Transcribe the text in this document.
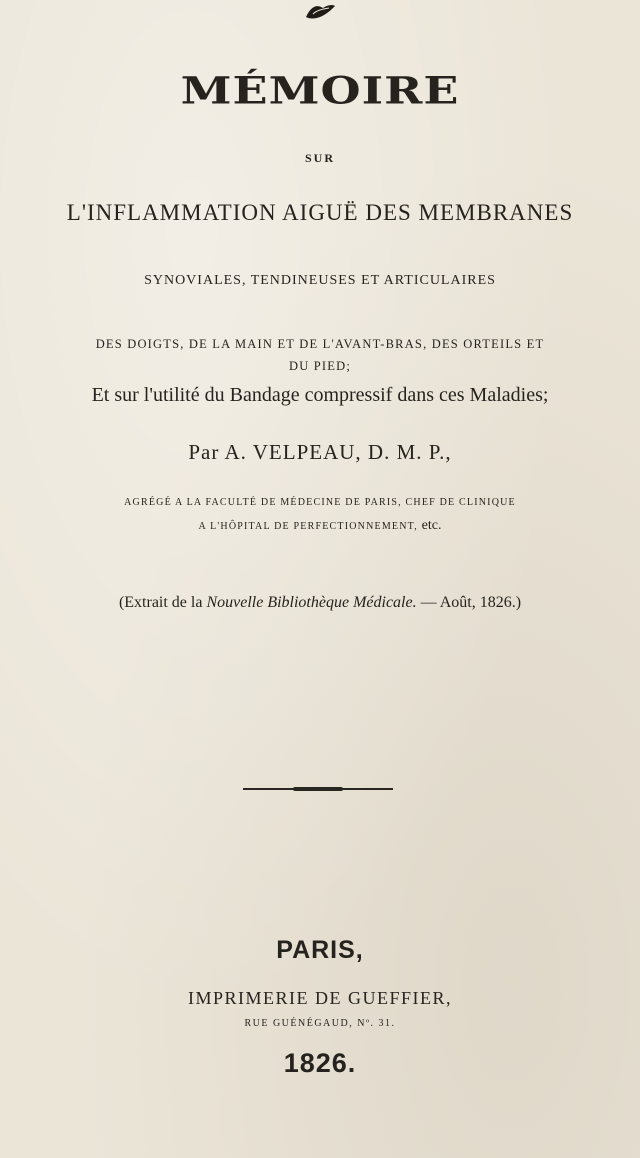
MÉMOIRE
SUR
L'INFLAMMATION AIGUË DES MEMBRANES
SYNOVIALES, TENDINEUSES ET ARTICULAIRES
DES DOIGTS, DE LA MAIN ET DE L'AVANT-BRAS, DES ORTEILS ET
DU PIED;
Et sur l'utilité du Bandage compressif dans ces Maladies;
Par A. VELPEAU, D. M. P.,
AGRÉGÉ A LA FACULTÉ DE MÉDECINE DE PARIS, CHEF DE CLINIQUE
A L'HÔPITAL DE PERFECTIONNEMENT, etc.
(Extrait de la Nouvelle Bibliothèque Médicale. — Août, 1826.)
PARIS,
IMPRIMERIE DE GUEFFIER,
RUE GUÉNÉGAUD, Nº. 31.
1826.
